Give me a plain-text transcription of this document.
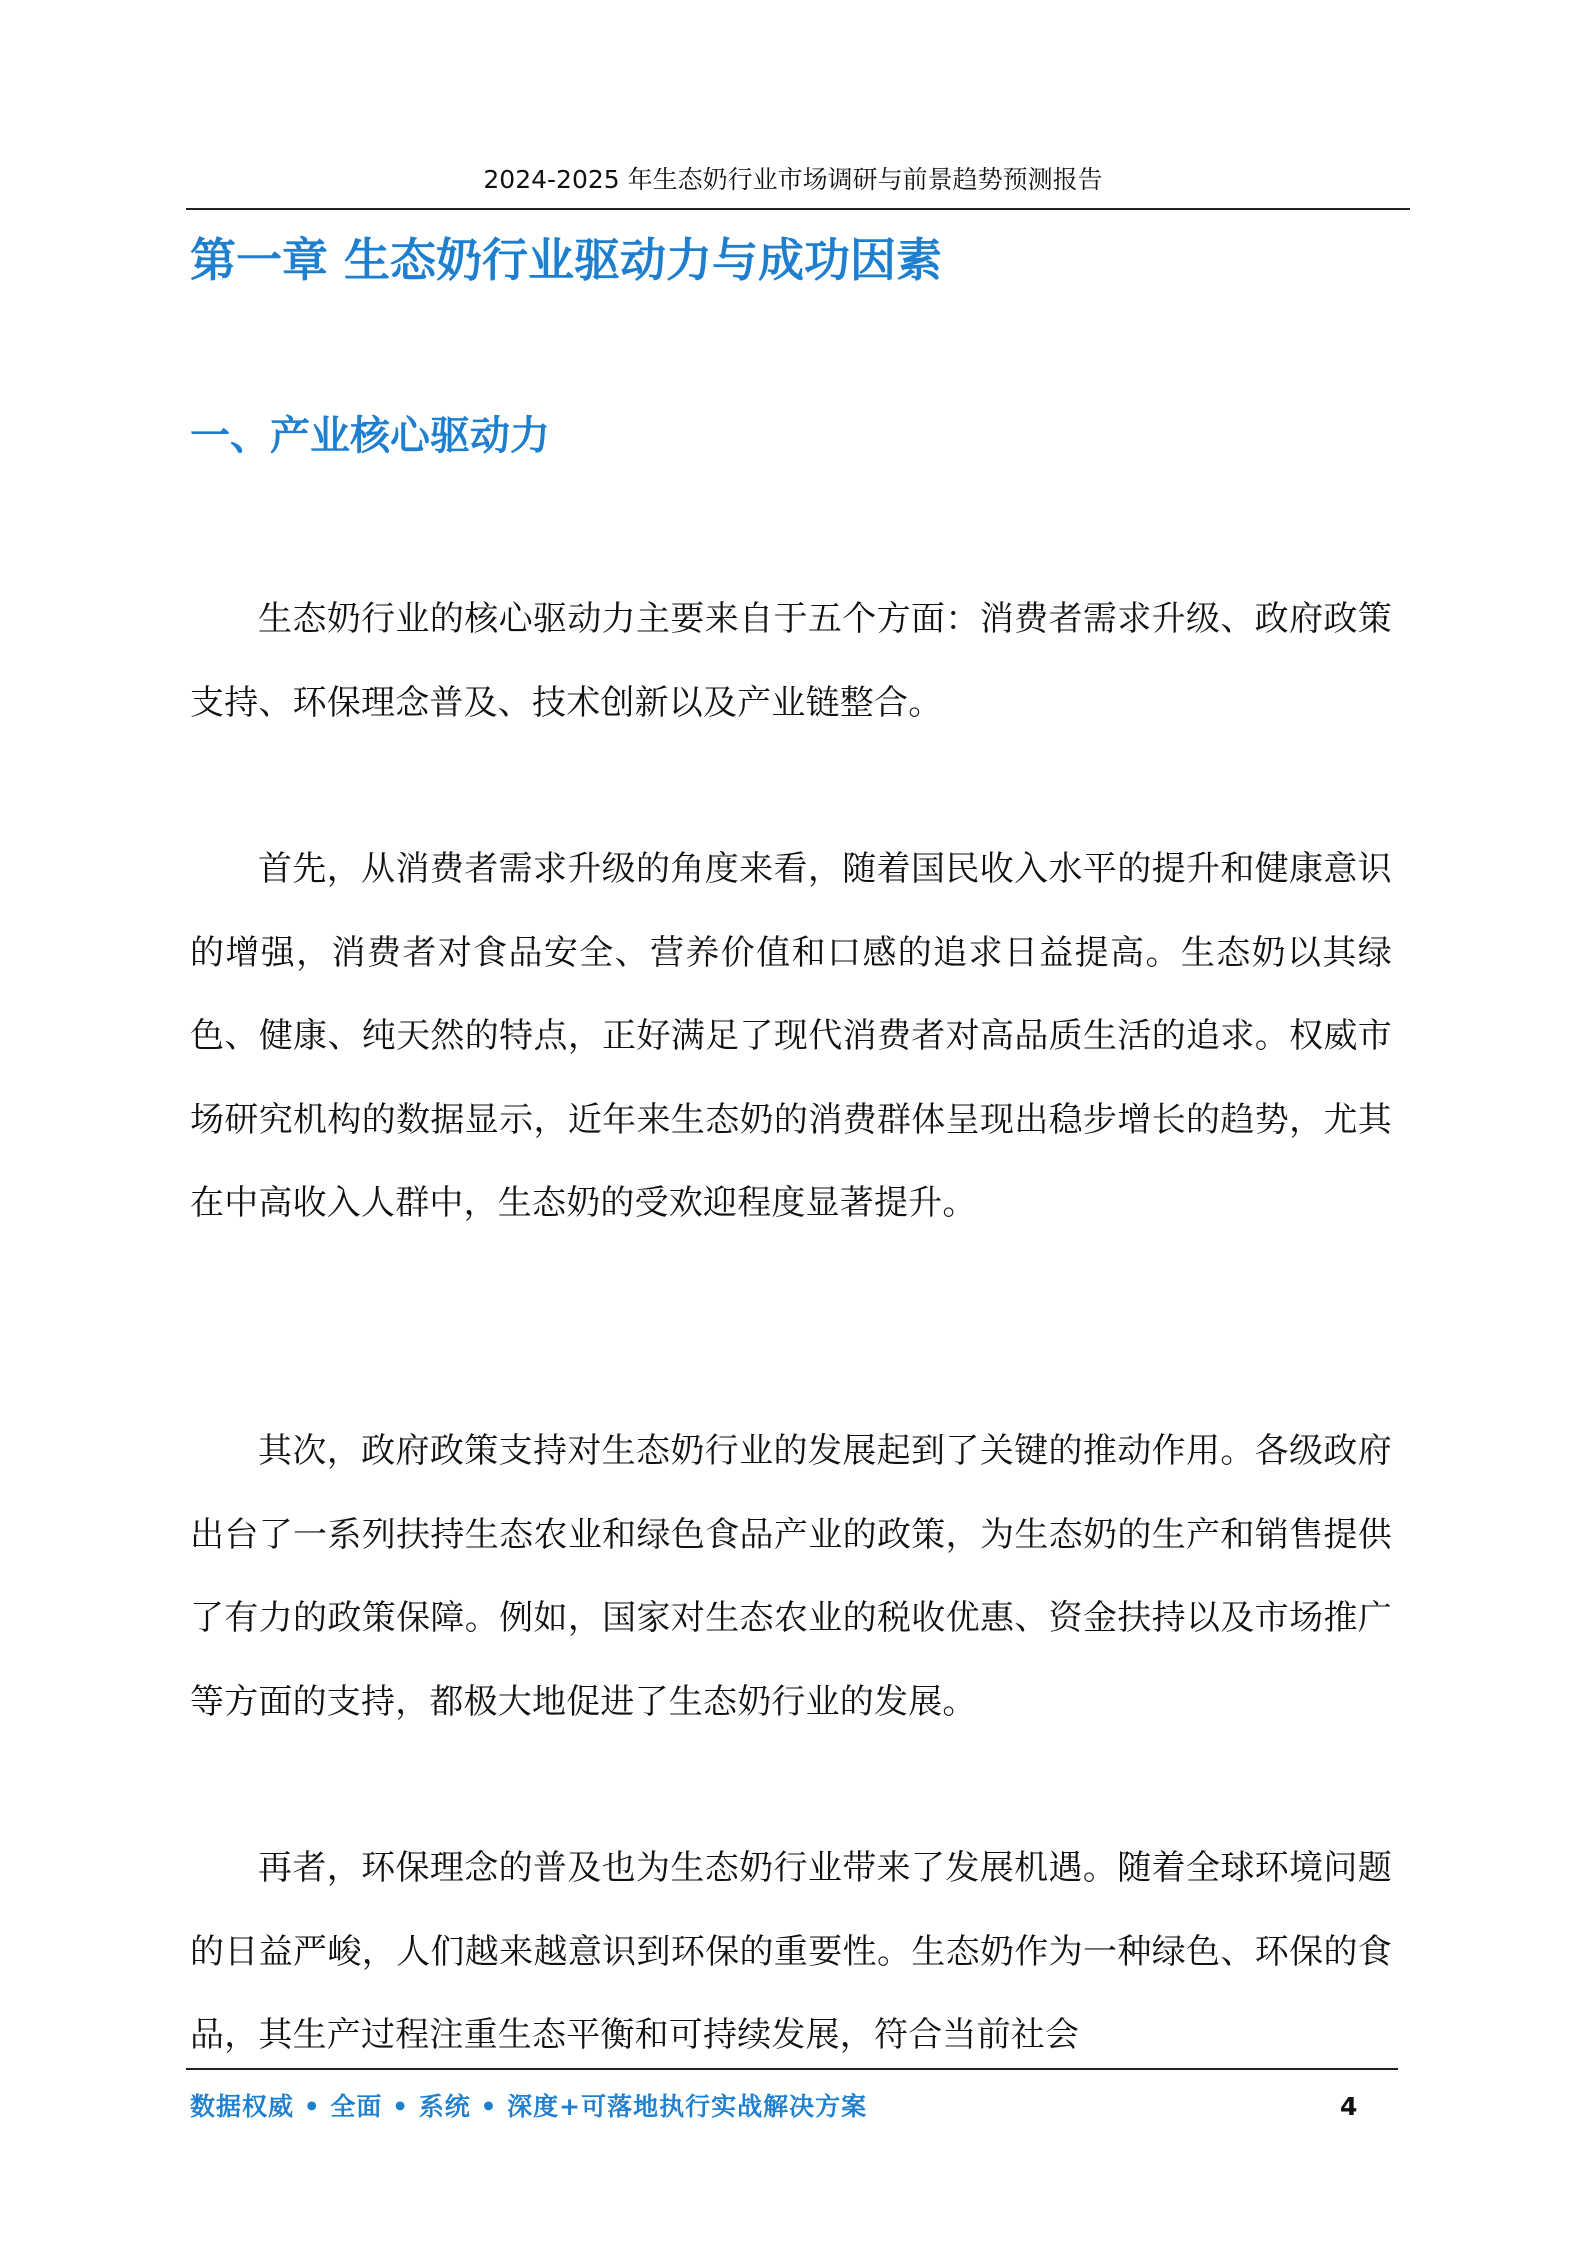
2024-2025 年生态奶行业市场调研与前景趋势预测报告
第一章 生态奶行业驱动力与成功因素
一、产业核心驱动力

生态奶行业的核心驱动力主要来自于五个方面：消费者需求升级、政府政策支持、环保理念普及、技术创新以及产业链整合。

首先，从消费者需求升级的角度来看，随着国民收入水平的提升和健康意识的增强，消费者对食品安全、营养价值和口感的追求日益提高。生态奶以其绿色、健康、纯天然的特点，正好满足了现代消费者对高品质生活的追求。权威市场研究机构的数据显示，近年来生态奶的消费群体呈现出稳步增长的趋势，尤其在中高收入人群中，生态奶的受欢迎程度显著提升。

其次，政府政策支持对生态奶行业的发展起到了关键的推动作用。各级政府出台了一系列扶持生态农业和绿色食品产业的政策，为生态奶的生产和销售提供了有力的政策保障。例如，国家对生态农业的税收优惠、资金扶持以及市场推广等方面的支持，都极大地促进了生态奶行业的发展。

再者，环保理念的普及也为生态奶行业带来了发展机遇。随着全球环境问题的日益严峻，人们越来越意识到环保的重要性。生态奶作为一种绿色、环保的食品，其生产过程注重生态平衡和可持续发展，符合当前社会

数据权威 • 全面 • 系统 • 深度+可落地执行实战解决方案	4
